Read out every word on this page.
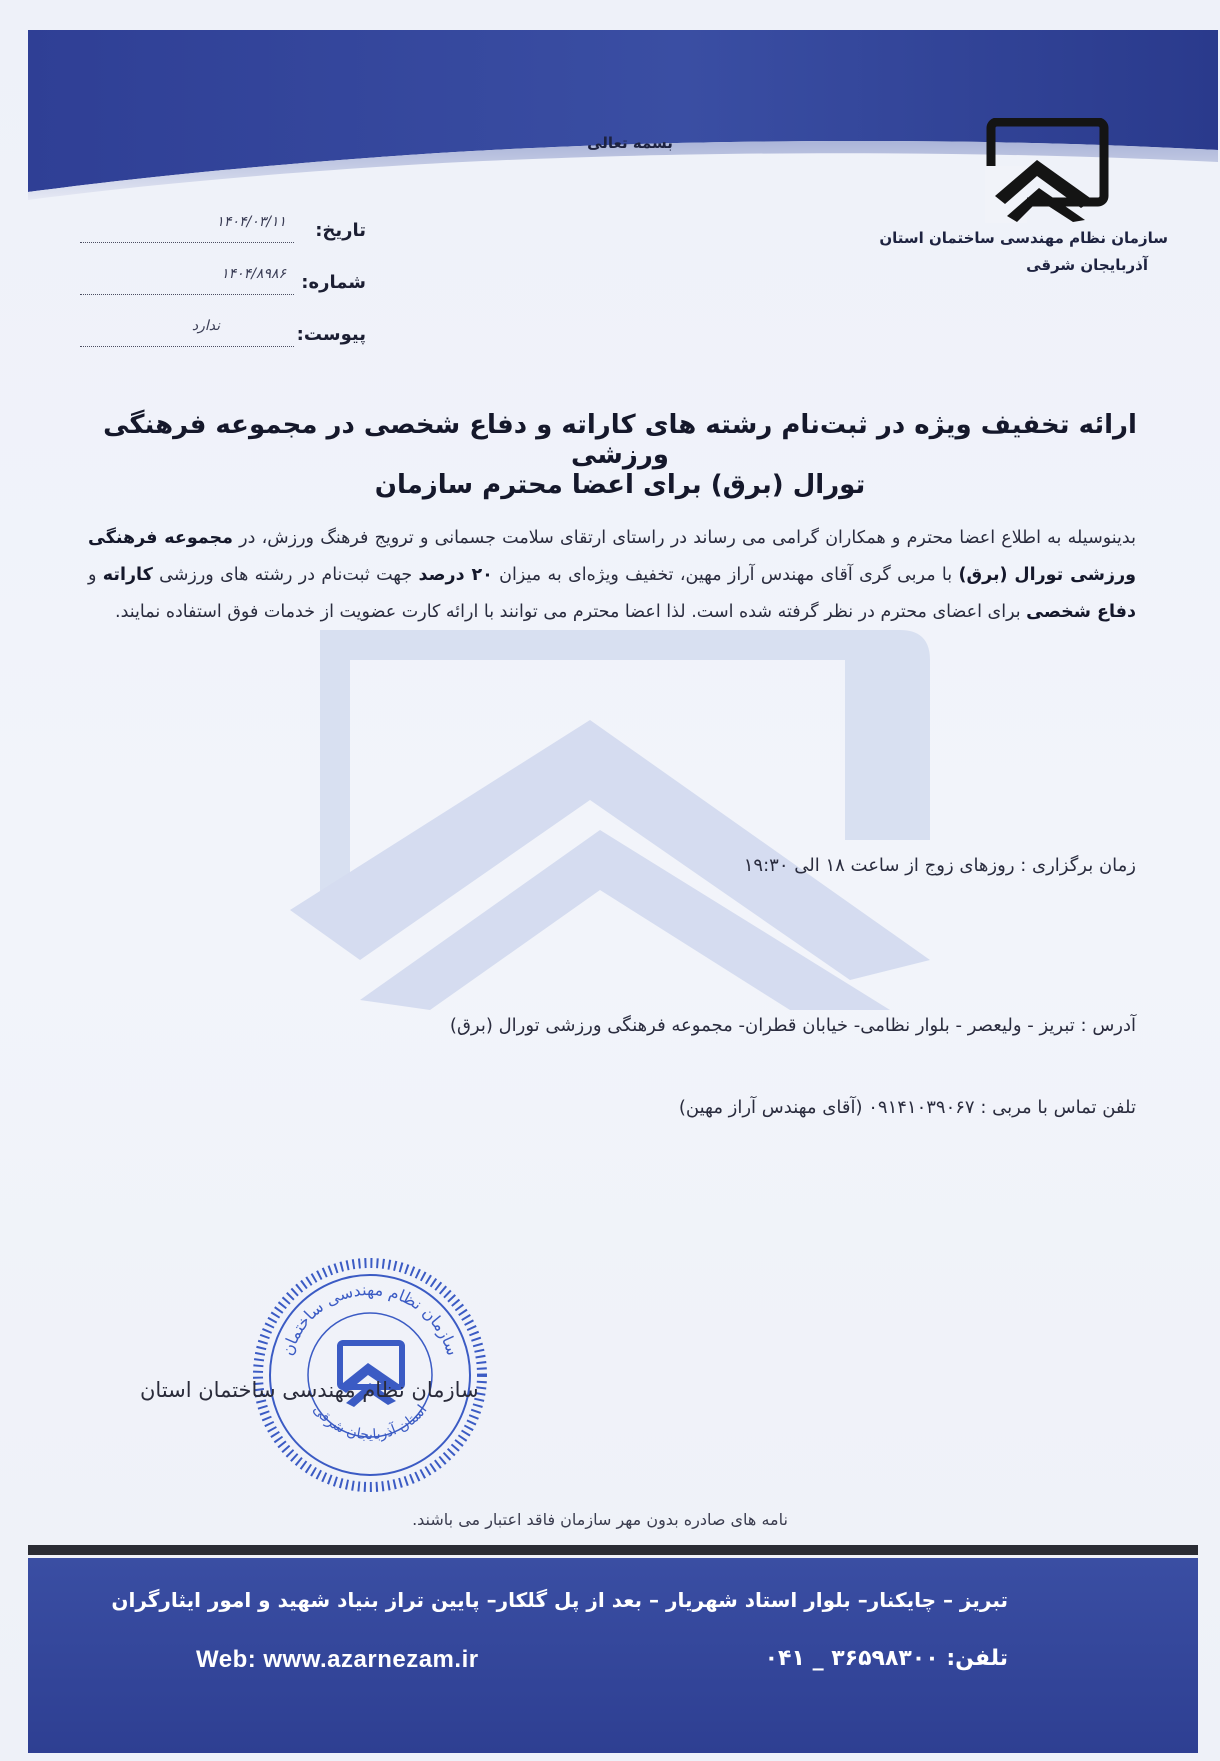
بسمه تعالی
سازمان نظام مهندسی ساختمان استان
آذربایجان شرقی
تاریخ:
۱۴۰۴/۰۳/۱۱
شماره:
۱۴۰۴/۸۹۸۶
پیوست:
ندارد
ارائه تخفیف ویژه در ثبت‌نام رشته های کاراته و دفاع شخصی در مجموعه فرهنگی ورزشی
تورال (برق) برای اعضا محترم سازمان
بدینوسیله به اطلاع اعضا محترم و همکاران گرامی می رساند در راستای ارتقای سلامت جسمانی و ترویج فرهنگ ورزش، در مجموعه فرهنگی ورزشی تورال (برق) با مربی گری آقای مهندس آراز مهین، تخفیف ویژه‌ای به میزان ۲۰ درصد جهت ثبت‌نام در رشته های ورزشی کاراته و دفاع شخصی برای اعضای محترم در نظر گرفته شده است. لذا اعضا محترم می توانند با ارائه کارت عضویت از خدمات فوق استفاده نمایند.
زمان برگزاری : روزهای زوج از ساعت ۱۸ الی ۱۹:۳۰
آدرس : تبریز - ولیعصر - بلوار نظامی- خیابان قطران- مجموعه فرهنگی ورزشی تورال (برق)
تلفن تماس با مربی : ۰۹۱۴۱۰۳۹۰۶۷ (آقای مهندس آراز مهین)
سازمان نظام مهندسی ساختمان
استان آذربایجان شرقی
سازمان نظام مهندسی ساختمان استان
نامه های صادره بدون مهر سازمان فاقد اعتبار می باشند.
تبریز – چایکنار– بلوار استاد شهریار – بعد از پل گلکار– پایین تراز بنیاد شهید و امور ایثارگران
Web: www.azarnezam.ir	تلفن: ۳۶۵۹۸۳۰۰ _ ۰۴۱
